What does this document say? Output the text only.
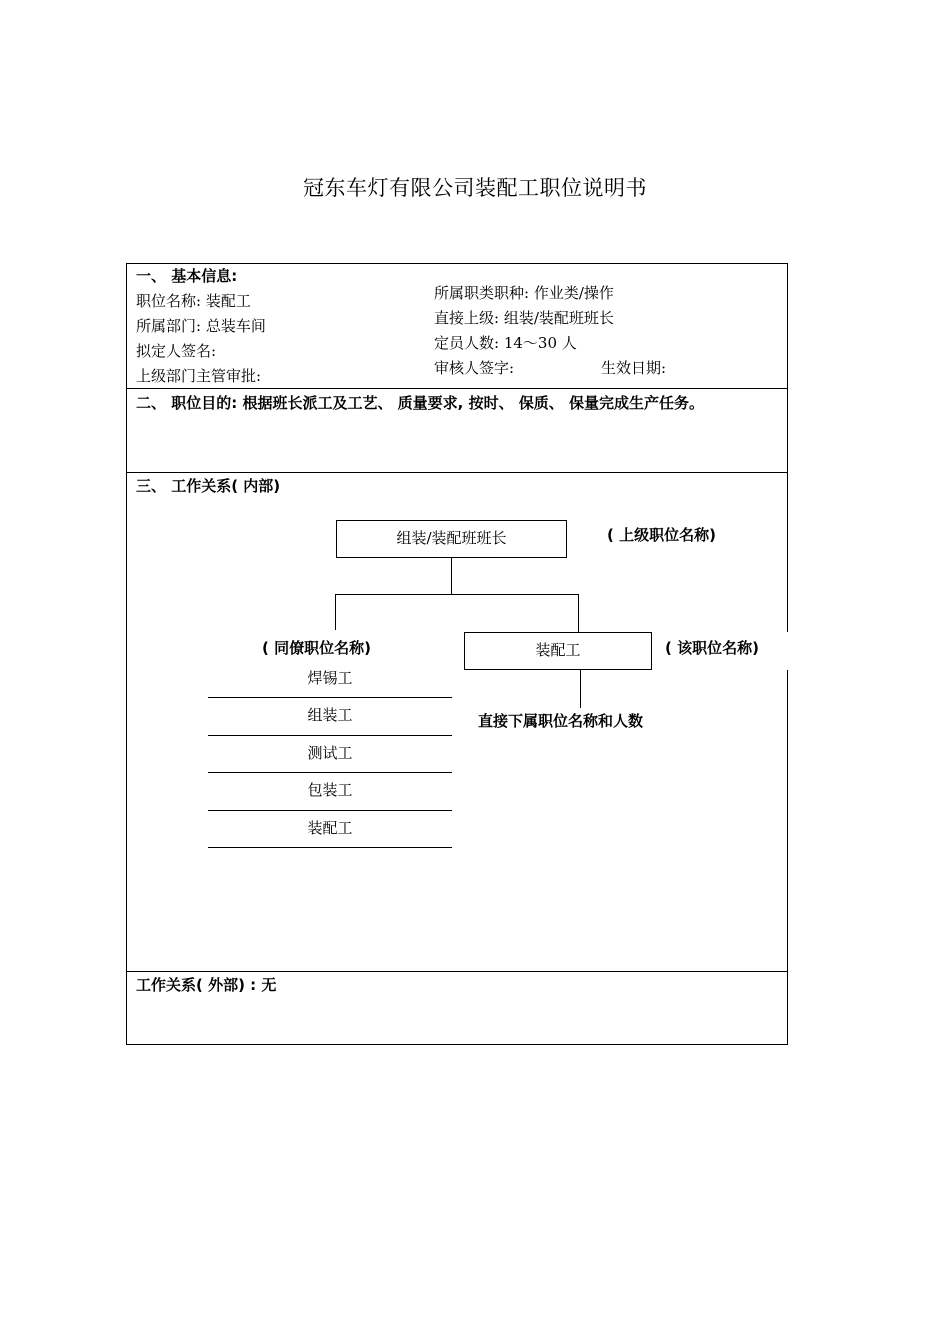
冠东车灯有限公司装配工职位说明书
一、 基本信息:
职位名称: 装配工
所属部门: 总装车间
拟定人签名:
上级部门主管审批:
所属职类职种: 作业类/操作
直接上级: 组装/装配班班长
定员人数: 14～30 人
审核人签字:	生效日期:
二、 职位目的: 根据班长派工及工艺、 质量要求, 按时、 保质、 保量完成生产任务。
三、 工作关系( 内部)
组装/装配班班长	( 上级职位名称)
( 同僚职位名称)	装配工	( 该职位名称)
直接下属职位名称和人数
焊锡工
组装工
测试工
包装工
装配工
工作关系( 外部) : 无
